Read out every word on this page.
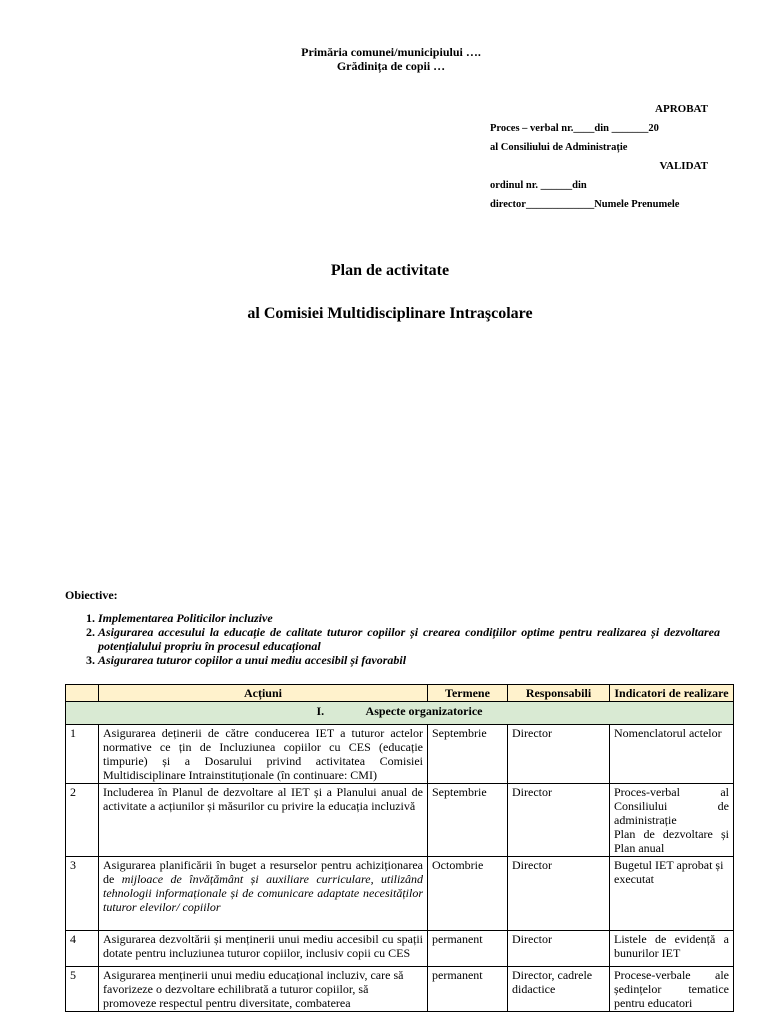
Primăria comunei/municipiului ….
Grădinița de copii …
APROBAT
Proces – verbal nr.____din _______20
al Consiliului de Administrație
VALIDAT
ordinul nr. ______din
director_____________Numele Prenumele
Plan de activitate
al Comisiei Multidisciplinare Intraşcolare
Obiective:
1. Implementarea Politicilor incluzive
2. Asigurarea accesului la educație de calitate tuturor copiilor și crearea condițiilor optime pentru realizarea și dezvoltarea potențialului propriu în procesul educațional
3. Asigurarea tuturor copiilor a unui mediu accesibil și favorabil
	Acțiuni	Termene	Responsabili	Indicatori de realizare
I. Aspecte organizatorice				
1	Asigurarea deținerii de către conducerea IET a tuturor actelor normative ce țin de Incluziunea copiilor cu CES (educație timpurie) și a Dosarului privind activitatea Comisiei Multidisciplinare Intrainstituționale (în continuare: CMI)	Septembrie	Director	Nomenclatorul actelor
2	Includerea în Planul de dezvoltare al IET și a Planului anual de activitate a acțiunilor și măsurilor cu privire la educația incluzivă	Septembrie	Director	Proces-verbal al Consiliului de administrație
Plan de dezvoltare și Plan anual

3	Asigurarea planificării în buget a resurselor pentru achiziționarea de mijloace de învățământ și auxiliare curriculare, utilizând tehnologii informaționale și de comunicare adaptate necesităților tuturor elevilor/ copiilor	Octombrie	Director	Bugetul IET aprobat și executat
4	Asigurarea dezvoltării și menținerii unui mediu accesibil cu spații dotate pentru incluziunea tuturor copiilor, inclusiv copii cu CES	permanent	Director	Listele de evidență a bunurilor IET
5	Asigurarea menținerii unui mediu educațional incluziv, care să favorizeze o dezvoltare echilibrată a tuturor copiilor, să promoveze respectul pentru diversitate, combaterea	permanent	Director, cadrele didactice	Procese-verbale ale ședințelor tematice pentru educatori
